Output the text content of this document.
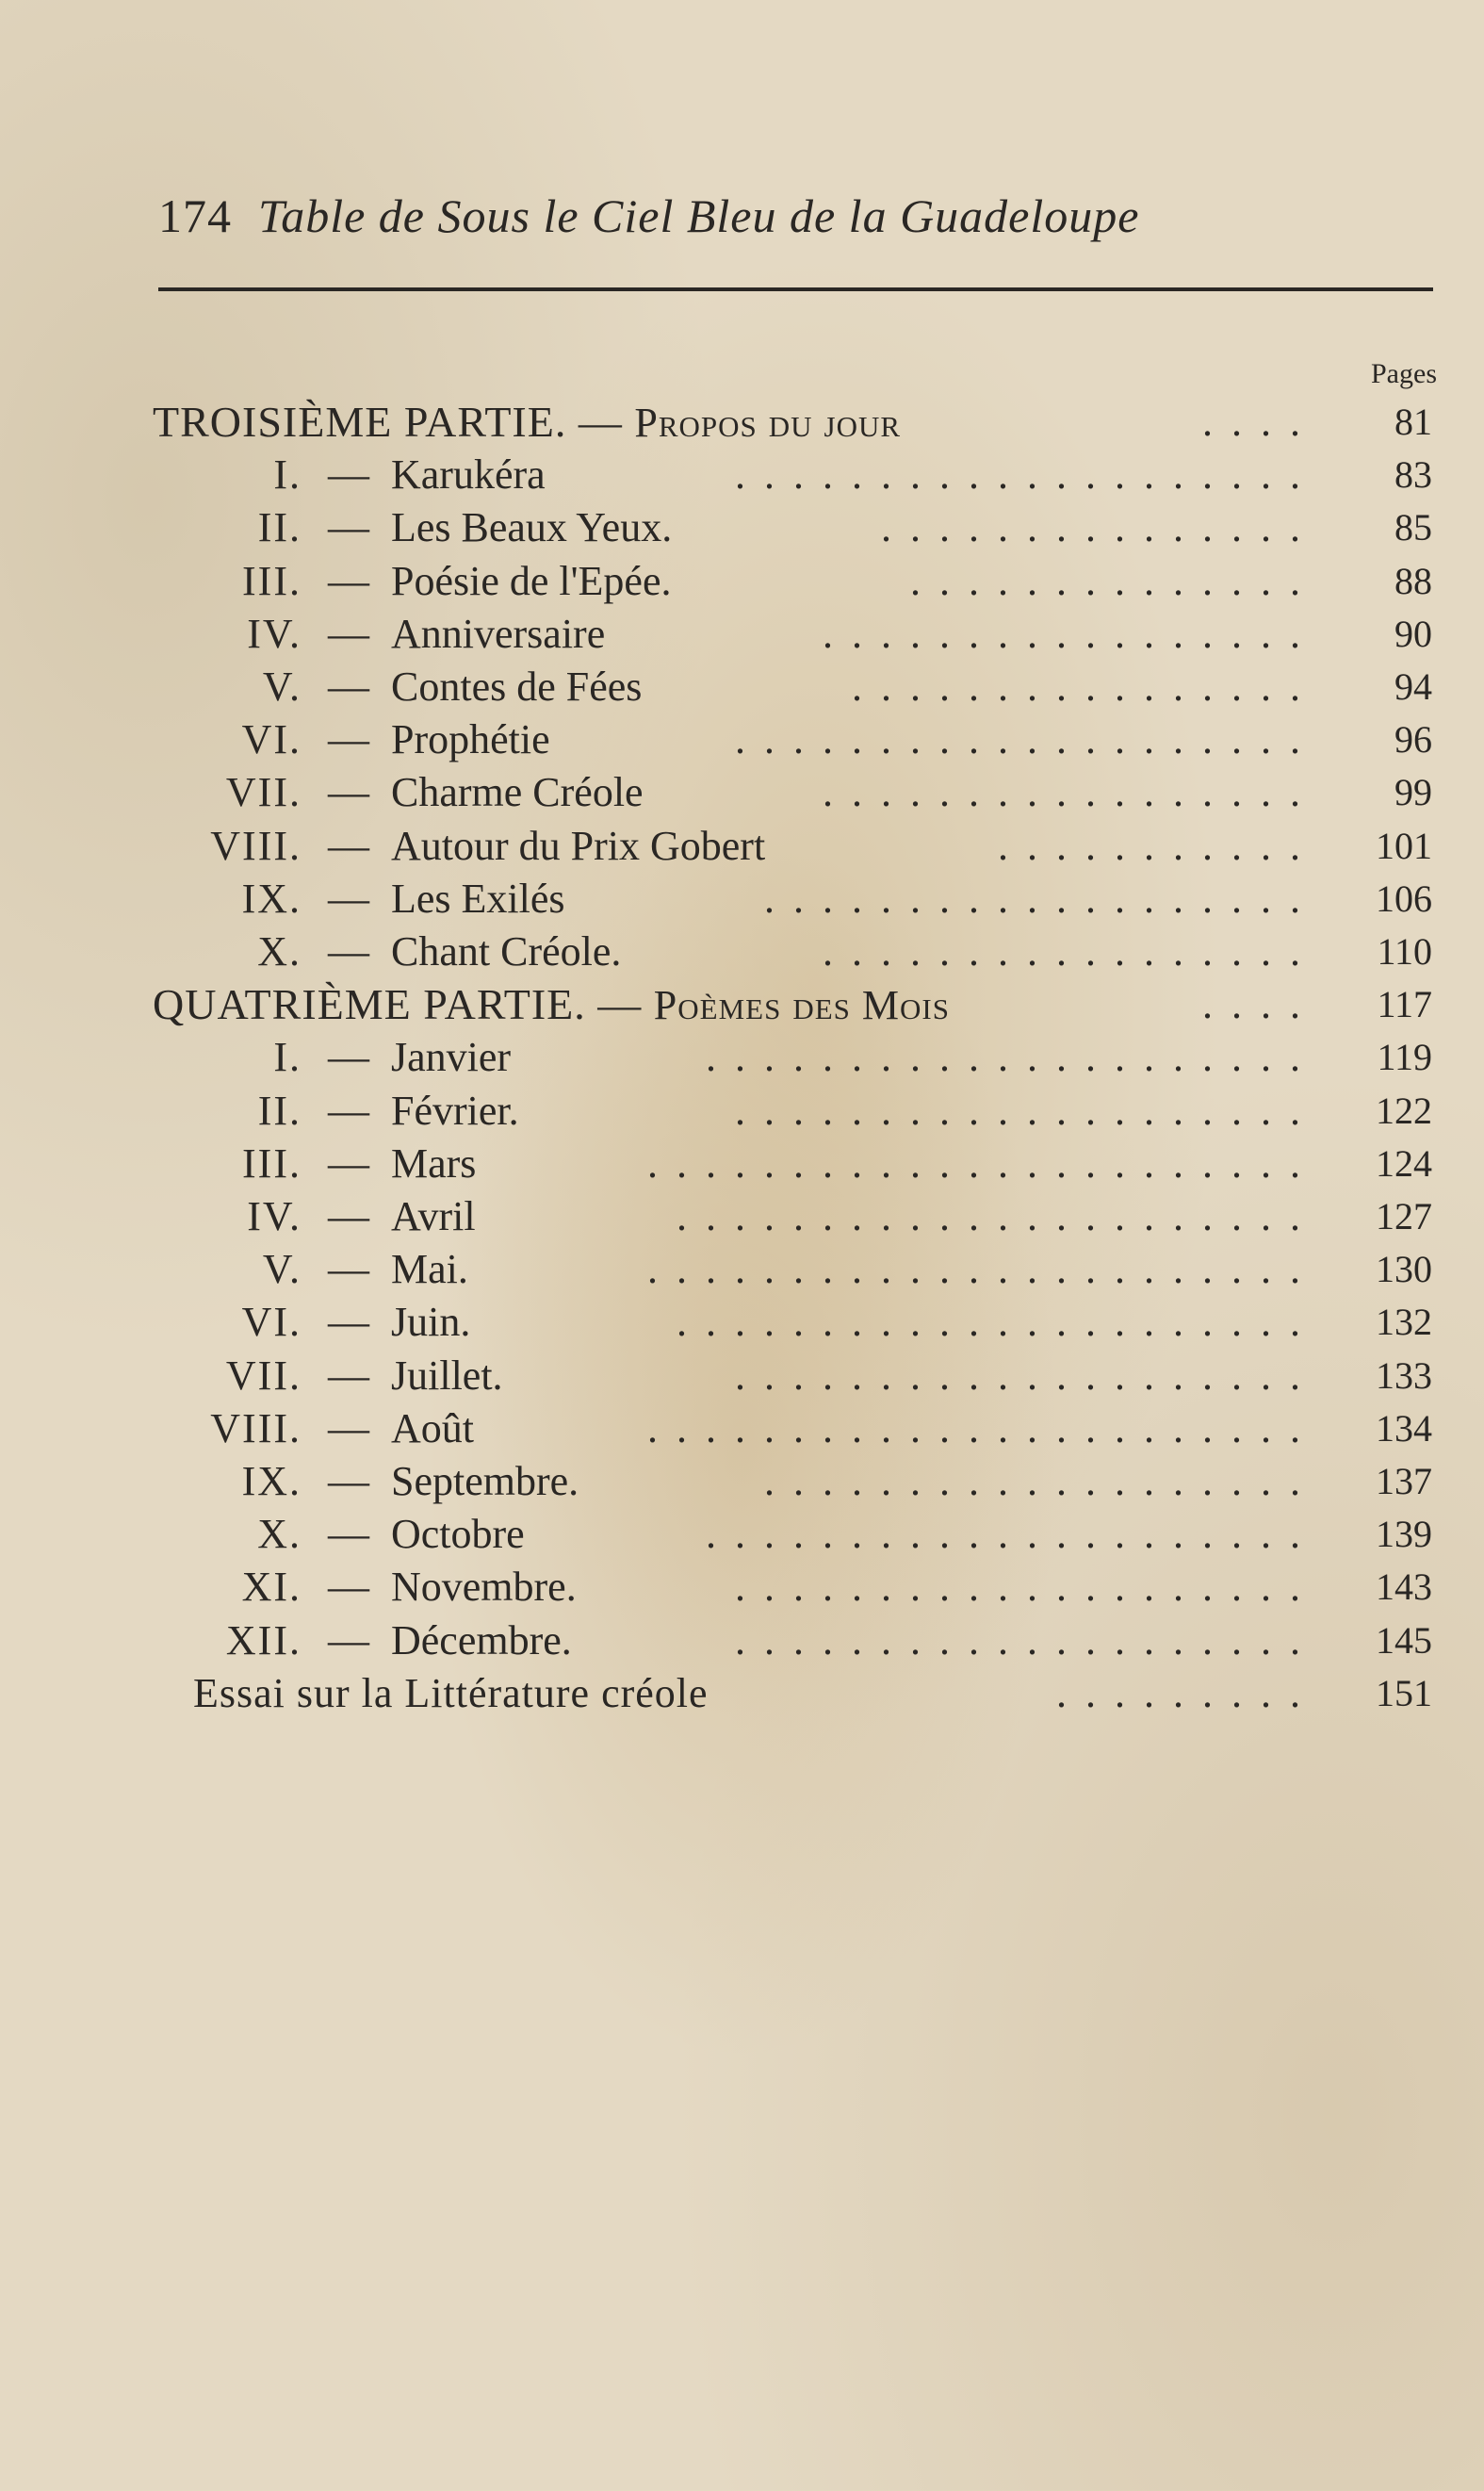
174 Table de Sous le Ciel Bleu de la Guadeloupe
Pages
TROISIÈME PARTIE. — Propos du jour	....	81
I. — Karukéra	....................	83
II. — Les Beaux Yeux.	...............	85
III. — Poésie de l'Epée.	..............	88
IV. — Anniversaire	.................	90
V. — Contes de Fées	................	94
VI. — Prophétie	....................	96
VII. — Charme Créole	.................	99
VIII. — Autour du Prix Gobert	...........	101
IX. — Les Exilés	...................	106
X. — Chant Créole.	.................	110
QUATRIÈME PARTIE. — Poèmes des Mois	....	117
I. — Janvier	.....................	119
II. — Février.	....................	122
III. — Mars	.......................	124
IV. — Avril	......................	127
V. — Mai.	.......................	130
VI. — Juin.	......................	132
VII. — Juillet.	....................	133
VIII. — Août	.......................	134
IX. — Septembre.	...................	137
X. — Octobre	.....................	139
XI. — Novembre.	....................	143
XII. — Décembre.	....................	145
Essai sur la Littérature créole	.........	151
